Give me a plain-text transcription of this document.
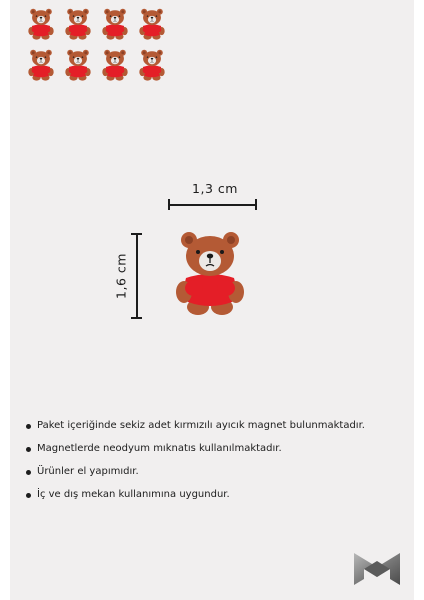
1,3 cm
1,6 cm
Paket içeriğinde sekiz adet kırmızılı ayıcık magnet bulunmaktadır.
Magnetlerde neodyum mıknatıs kullanılmaktadır.
Ürünler el yapımıdır.
İç ve dış mekan kullanımına uygundur.
